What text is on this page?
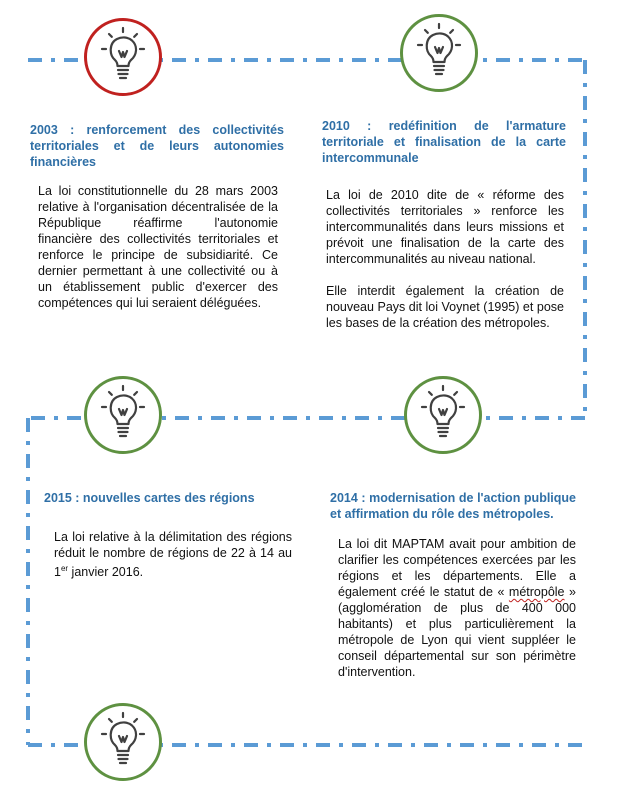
2003 : renforcement des collectivités territoriales et de leurs autonomies financières

La loi constitutionnelle du 28 mars 2003 relative à l'organisation décentralisée de la République réaffirme l'autonomie financière des collectivités territoriales et renforce le principe de subsidiarité. Ce dernier permettant à une collectivité ou à un établissement public d'exercer des compétences qui lui seraient déléguées.

2010 : redéfinition de l'armature territoriale et finalisation de la carte intercommunale

La loi de 2010 dite de « réforme des collectivités territoriales » renforce les intercommunalités dans leurs missions et prévoit une finalisation de la carte des intercommunalités au niveau national.

Elle interdit également la création de nouveau Pays dit loi Voynet (1995) et pose les bases de la création des métropoles.

2015 : nouvelles cartes des régions

La loi relative à la délimitation des régions réduit le nombre de régions de 22 à 14 au 1er janvier 2016.

2014 : modernisation de l'action publique et affirmation du rôle des métropoles.

La loi dit MAPTAM avait pour ambition de clarifier les compétences exercées par les régions et les départements. Elle a également créé le statut de « métropôle » (agglomération de plus de 400 000 habitants) et plus particulièrement la métropole de Lyon qui vient suppléer le conseil départemental sur son périmètre d'intervention.
